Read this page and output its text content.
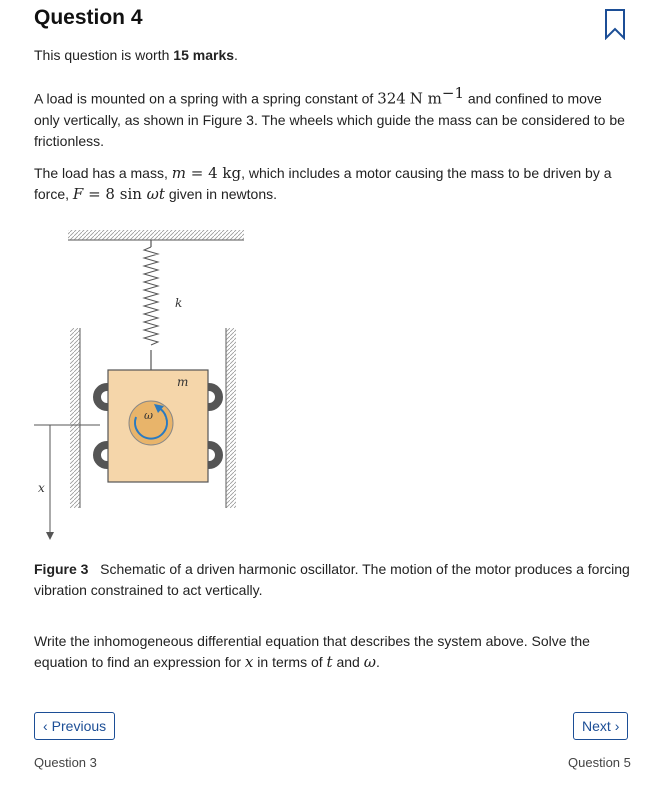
Question 4

This question is worth 15 marks.

A load is mounted on a spring with a spring constant of 324 N $m^{-1}$ and confined to move only vertically, as shown in Figure 3. The wheels which guide the mass can be considered to be frictionless.

The load has a mass, m = 4 kg, which includes a motor causing the mass to be driven by a force, F = 8 sin ωt given in newtons.

k
m
ω
x

Figure 3 Schematic of a driven harmonic oscillator. The motion of the motor produces a forcing vibration constrained to act vertically.

Write the inhomogeneous differential equation that describes the system above. Solve the equation to find an expression for x in terms of t and ω.

‹ Previous
Question 3
Next ›
Question 5
